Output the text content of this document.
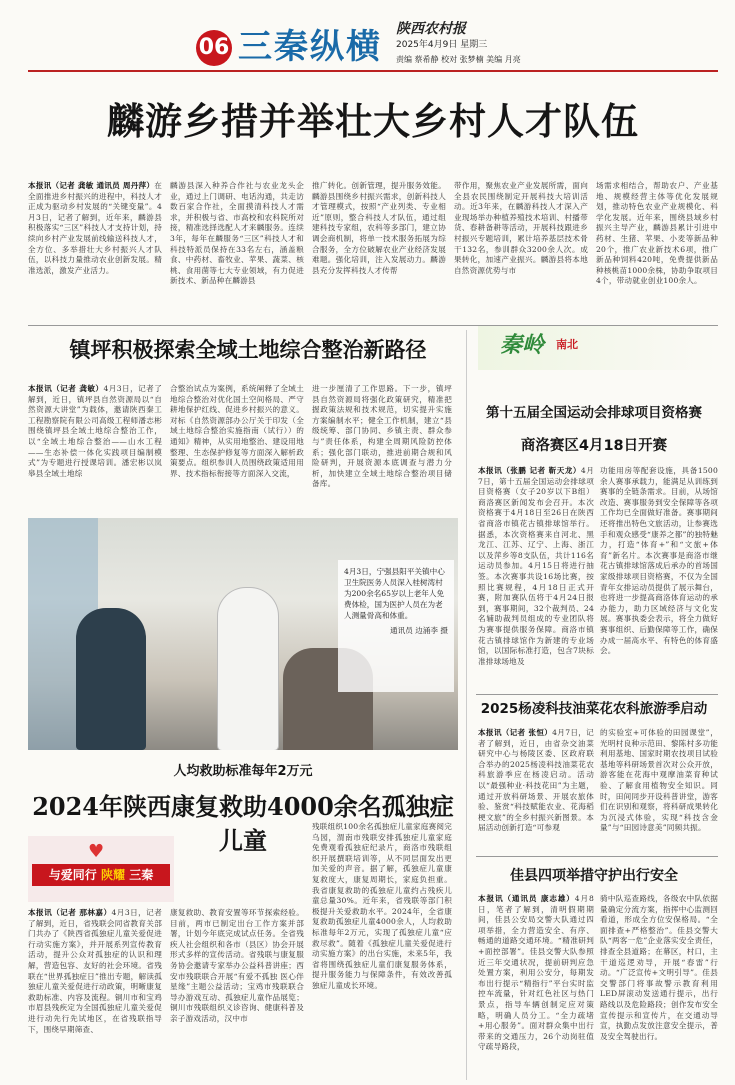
06 三秦纵横 陕西农村报
2025年4月9日 星期三
责编 蔡希静 校对 张梦楠 美编 月亮
麟游乡措并举壮大乡村人才队伍
本报讯（记者 龚敏 通讯员 周丹萍）在全面推进乡村振兴的进程中，科技人才正成为驱动乡村发展的“关键变量”。4月3日，记者了解到，近年来，麟游县积极落实“三区”科技人才支持计划，持续向乡村产业发展前线输送科技人才，全方位、多举措壮大乡村振兴人才队伍，以科技力量推动农业创新发展。精准选派，激发产业活力。
麟游县深入种养合作社与农业龙头企业，通过上门调研、电话沟通，共走访数百家合作社，全面摸清科技人才需求，并积极与省、市高校和农科院所对接，精准选择选配人才来麟服务。连续3年，每年在麟服务“三区”科技人才和科技特派员保持在33名左右，涵盖粮食、中药材、畜牧业、苹果、蔬菜、核桃、食用菌等七大专业领域，有力促进新技术、新品种在麟游县
推广转化。创新管理，提升服务效能。麟游县围绕乡村振兴需求，创新科技人才管理模式，按照“产业列类、专业相近”原则，整合科技人才队伍，通过组建科技专家组，农科等多部门，建立协调会商机制，将单一技术服务拓展为综合服务，全方位破解农业产业经济发展难题。强化培训，注入发展动力。麟游县充分发挥科技人才传帮
带作用，聚焦农业产业发展所需，面向全县农民围绕制定开展科技大培训活动。近3年来，在麟游科技人才深入产业现场举办种植养殖技术培训、村播带货、春耕备耕等活动，开展科技跟进乡村振兴专题培训，累计培养基层技术骨干132名，参训群众3200余人次。成果转化，加速产业振兴。麟游县将本地自然资源优势与市
场需求相结合，帮助农户、产业基地、规模经营主体等优化发展规划，推动特色农业产业规模化、科学化发展。近年来，围绕县域乡村振兴主导产业，麟游县累计引进中药材、生猪、苹果、小麦等新品种20个，推广农业新技术6项，推广新品种饲料420吨，免费提供新品种核桃苗1000余株，协助争取项目4个，带动就业创业100余人。
镇坪积极探索全域土地综合整治新路径
本报讯（记者 龚敏）4月3日，记者了解到，近日，镇坪县自然资源局以“自然资源大讲堂”为载体，邀请陕西秦工工程勘察院有限公司高级工程师潘志彬围绕镇坪县全域土地综合整治工作，以“全域土地综合整治——山水工程——生态补偿一体化实践项目编制模式”为专题进行授课培训。潘宏彬以岚皋县全域土地综
合整治试点为案例，系统阐释了全域土地综合整治对优化国土空间格局、严守耕地保护红线、促进乡村振兴的意义。对标《自然资源部办公厅关于印发（全域土地综合整治实施指南（试行））的通知》精神，从实用地整治、建设用地整理、生态保护修复等方面深入解析政策要点。组织参训人员围绕政策适用用界、技术指标衔接等方面深入交流，
进一步厘清了工作思路。下一步，镇坪县自然资源局将强化政策研究，精准把握政策法规和技术规范，切实提升实施方案编制水平；健全工作机制，建立“县级统筹、部门协同、乡镇主责、群众参与”责任体系，构建全周期风险防控体系；强化部门联动，推进前期合规和风险研判，开展资源本底调查与潜力分析，加快建立全域土地综合整治项目储备库。
4月3日，宁强县阳平关镇中心卫生院医务人员深入桂树湾村为200余名65岁以上老年人免费体检，国为医护人员在为老人测量骨高和体重。
通讯员 边涌李 摄
人均救助标准每年2万元
2024年陕西康复救助4000余名孤独症儿童
♥
与爱同行 陕耀 三秦
本报讯（记者 那林嘉）4月3日，记者了解到，近日，省残联会同省教育关部门共办了《陕西省孤独症儿童关爱促进行动实施方案》，并开展系列宣传教育活动，提升公众对孤独症的认识和理解，营造包容、友好的社会环境。省残联在“世界孤独症日”推出专题，解读孤独症儿童关爱促进行动政策，明晰康复救助标准、内容及流程。铜川市和宝鸡市眉县残疾定为全国孤独症儿童关爱促进行动先行先试地区，在省残联指导下，围绕早期筛查、
康复救助、教育安置等环节探索经验。目前，两市已制定出台工作方案并部署，计划今年底完成试点任务。全省残疾人社会组织和各市（县区）协会开展形式多样的宣传活动。省残联与康复服务协会邀请专家举办公益科普讲座；西安市残联联合开展“有爱不孤独 医心伴星缘”主题公益活动；宝鸡市残联联合导办游戏互动、孤独症儿童作品展览；铜川市残联组织义诊咨询、健康科普及亲子游戏活动，汉中市
残联组织100余名孤独症儿童家庭赛阅完乌园，渭南市残联安排孤独症儿童家庭免费观看孤独症纪录片，商洛市残联组织开展撰联培训等，从不同层面发出更加关爱的声音。据了解，孤独症儿童康复救度大，康复周期长，家庭负担重。我省康复救助的孤独症儿童约占残疾儿童总量30%。近年来，省残联等部门积极提升关爱救助水平。2024年，全省康复救助孤独症儿童4000余人，人均救助标准每年2万元，实现了孤独症儿童“应救尽救”。随着《孤独症儿童关爱促进行动实施方案》的出台实施，未来5年，我省将围绕孤独症儿童们康复服务体系，提升服务能力与保障条件，有效改善孤独症儿童成长环境。
秦岭 南北
第十五届全国运动会排球项目资格赛
商洛赛区4月18日开赛
本报讯（张鹏 记者 靳天龙）4月7日，第十五届全国运动会排球项目资格赛（女子20岁以下B组）商洛赛区新闻发布会召开。本次资格赛于4月18日至26日在陕西省商洛市镇花古镇排球馆举行。据悉，本次资格赛来自河北、黑龙江、江苏、辽宁、上海、浙江以及萍乡等8支队伍，共计116名运动员参加。4月15日将进行抽签。本次赛事共设16场比赛，按照比赛规程，4月18日正式开赛，附加赛队伍将于4月24日报到，赛事期间，32个裁判员、24名辅助裁判员组成的专业团队将为赛事提供服务保障。商洛市镇花古镇排球馆作为新建的专业场馆，以国际标准打造，包含7块标准排球场地及
功能用房等配套设施，具备1500余人赛事承载力，能满足从训练到赛事的全链条需求。目前，从场馆改造、赛事服务到安全保障等各项工作均已全面做好准备。赛事期间还将推出特色文旅活动，让参赛选手和观众感受“康养之都”的独特魅力，打造“体育+”和“文旅+体育”新名片。本次赛事是商洛市继花古镇排球馆落成后承办的首场国家级排球项目资格赛，不仅为全国青年女排运动员提供了展示舞台，也将进一步提高商洛体育运动的承办能力，助力区域经济与文化发展。赛事执委会表示，将全力做好赛事组织、后勤保障等工作，确保办成一届高水平、有特色的体育盛会。
2025杨凌科技油菜花农科旅游季启动
本报讯（记者 张恒）4月7日，记者了解到，近日，由省杂交油菜研究中心与杨陵区委、区政府联合举办的2025杨凌科技油菜花农科旅游季应在杨凌启动。活动以“最强种业·科技花田”为主题，通过开放科研场景、开展农旅体验、鉴赏“科技赋能农业、花海稻梗文旅”的全乡村振兴新图景。本届活动创新打造“可参观
的实验室+可体验的田园课堂”，光明村良种示范田、黎陈村多功能利用基地、国家时期农技项目试验基地等科研场景首次对公众开放，游客能在花海中观摩油菜育种试验、了解食用植物安全知识。同时，田间同步开设科普讲堂，游客们在识别和观察，将科研成果转化为沉浸式体验，实现“科技含金量”与“田园诗意美”同频共振。
佳县四项举措守护出行安全
本报讯（通讯员 康志雄）4月8日，笔者了解到，清明假期期间，佳县公安局交警大队通过四项举措，全力营造安全、有序、畅通的道路交通环境。“精准研判+面控部署”。佳县交警大队参照近三年交通状况，提前研判应急处置方案，利用公安分，每期发布出行提示“精指行”平台实时监控车流量，针对红色社区与热门景点，指导车辆创制定应对策略，明确人员分工。“全力疏堵+用心服务”。面对群众集中出行带来的交通压力，26个动岗驻值守疏导路段，
骑中队巡查路线，各级农中队依据量确定分流方案，指挥中心监测回看道，形成全方位安保格局。“全面排查+严格整治”。佳县交警大队“两客一危”企业落实安全责任，排查全县道路；在幕区，村口，主干道巡逻劝导，开展“春雷”行动。“广泛宣传+文明引导”。佳县交警部门将事故警示教育利用LED屏滚动发送通行提示，出行路线以及危险路段；创作发布安全宣传提示和宣传片，在交通动导宣，执勤点发放注意安全提示，普及安全驾驶出行。
